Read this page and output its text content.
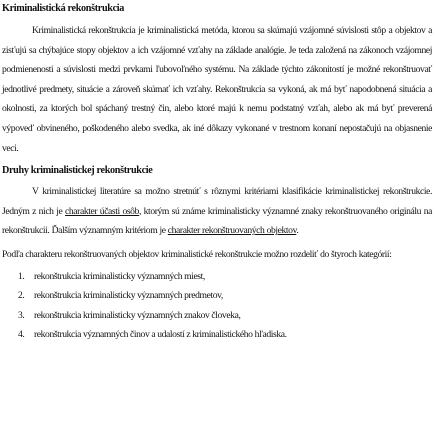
Kriminalistická rekonštrukcia

Kriminalistická rekonštrukcia je kriminalistická metóda, ktorou sa skúmajú vzájomné súvislosti stôp a objektov a zisťujú sa chýbajúce stopy objektov a ich vzájomné vzťahy na základe analógie. Je teda založená na zákonoch vzájomnej podmienenosti a súvislosti medzi prvkami ľubovoľného systému. Na základe týchto zákonitostí je možné rekonštruovať jednotlivé predmety, situácie a zároveň skúmať ich vzťahy. Rekonštrukcia sa vykoná, ak má byť napodobnená situácia a okolnosti, za ktorých bol spáchaný trestný čin, alebo ktoré majú k nemu podstatný vzťah, alebo ak má byť preverená výpoveď obvineného, poškodeného alebo svedka, ak iné dôkazy vykonané v trestnom konaní nepostačujú na objasnenie veci.

Druhy kriminalistickej rekonštrukcie

V kriminalistickej literatúre sa možno stretnúť s rôznymi kritériami klasifikácie kriminalistickej rekonštrukcie. Jedným z nich je charakter účasti osôb, ktorým sú známe kriminalisticky významné znaky rekonštruovaného originálu na rekonštrukcii. Ďalším významným kritériom je charakter rekonštruovaných objektov.

Podľa charakteru rekonštruovaných objektov kriminalistické rekonštrukcie možno rozdeliť do štyroch kategórií:

1. rekonštrukcia kriminalisticky významných miest,
2. rekonštrukcia kriminalisticky významných predmetov,
3. rekonštrukcia kriminalisticky významných znakov človeka,
4. rekonštrukcia významných činov a udalostí z kriminalistického hľadiska.
